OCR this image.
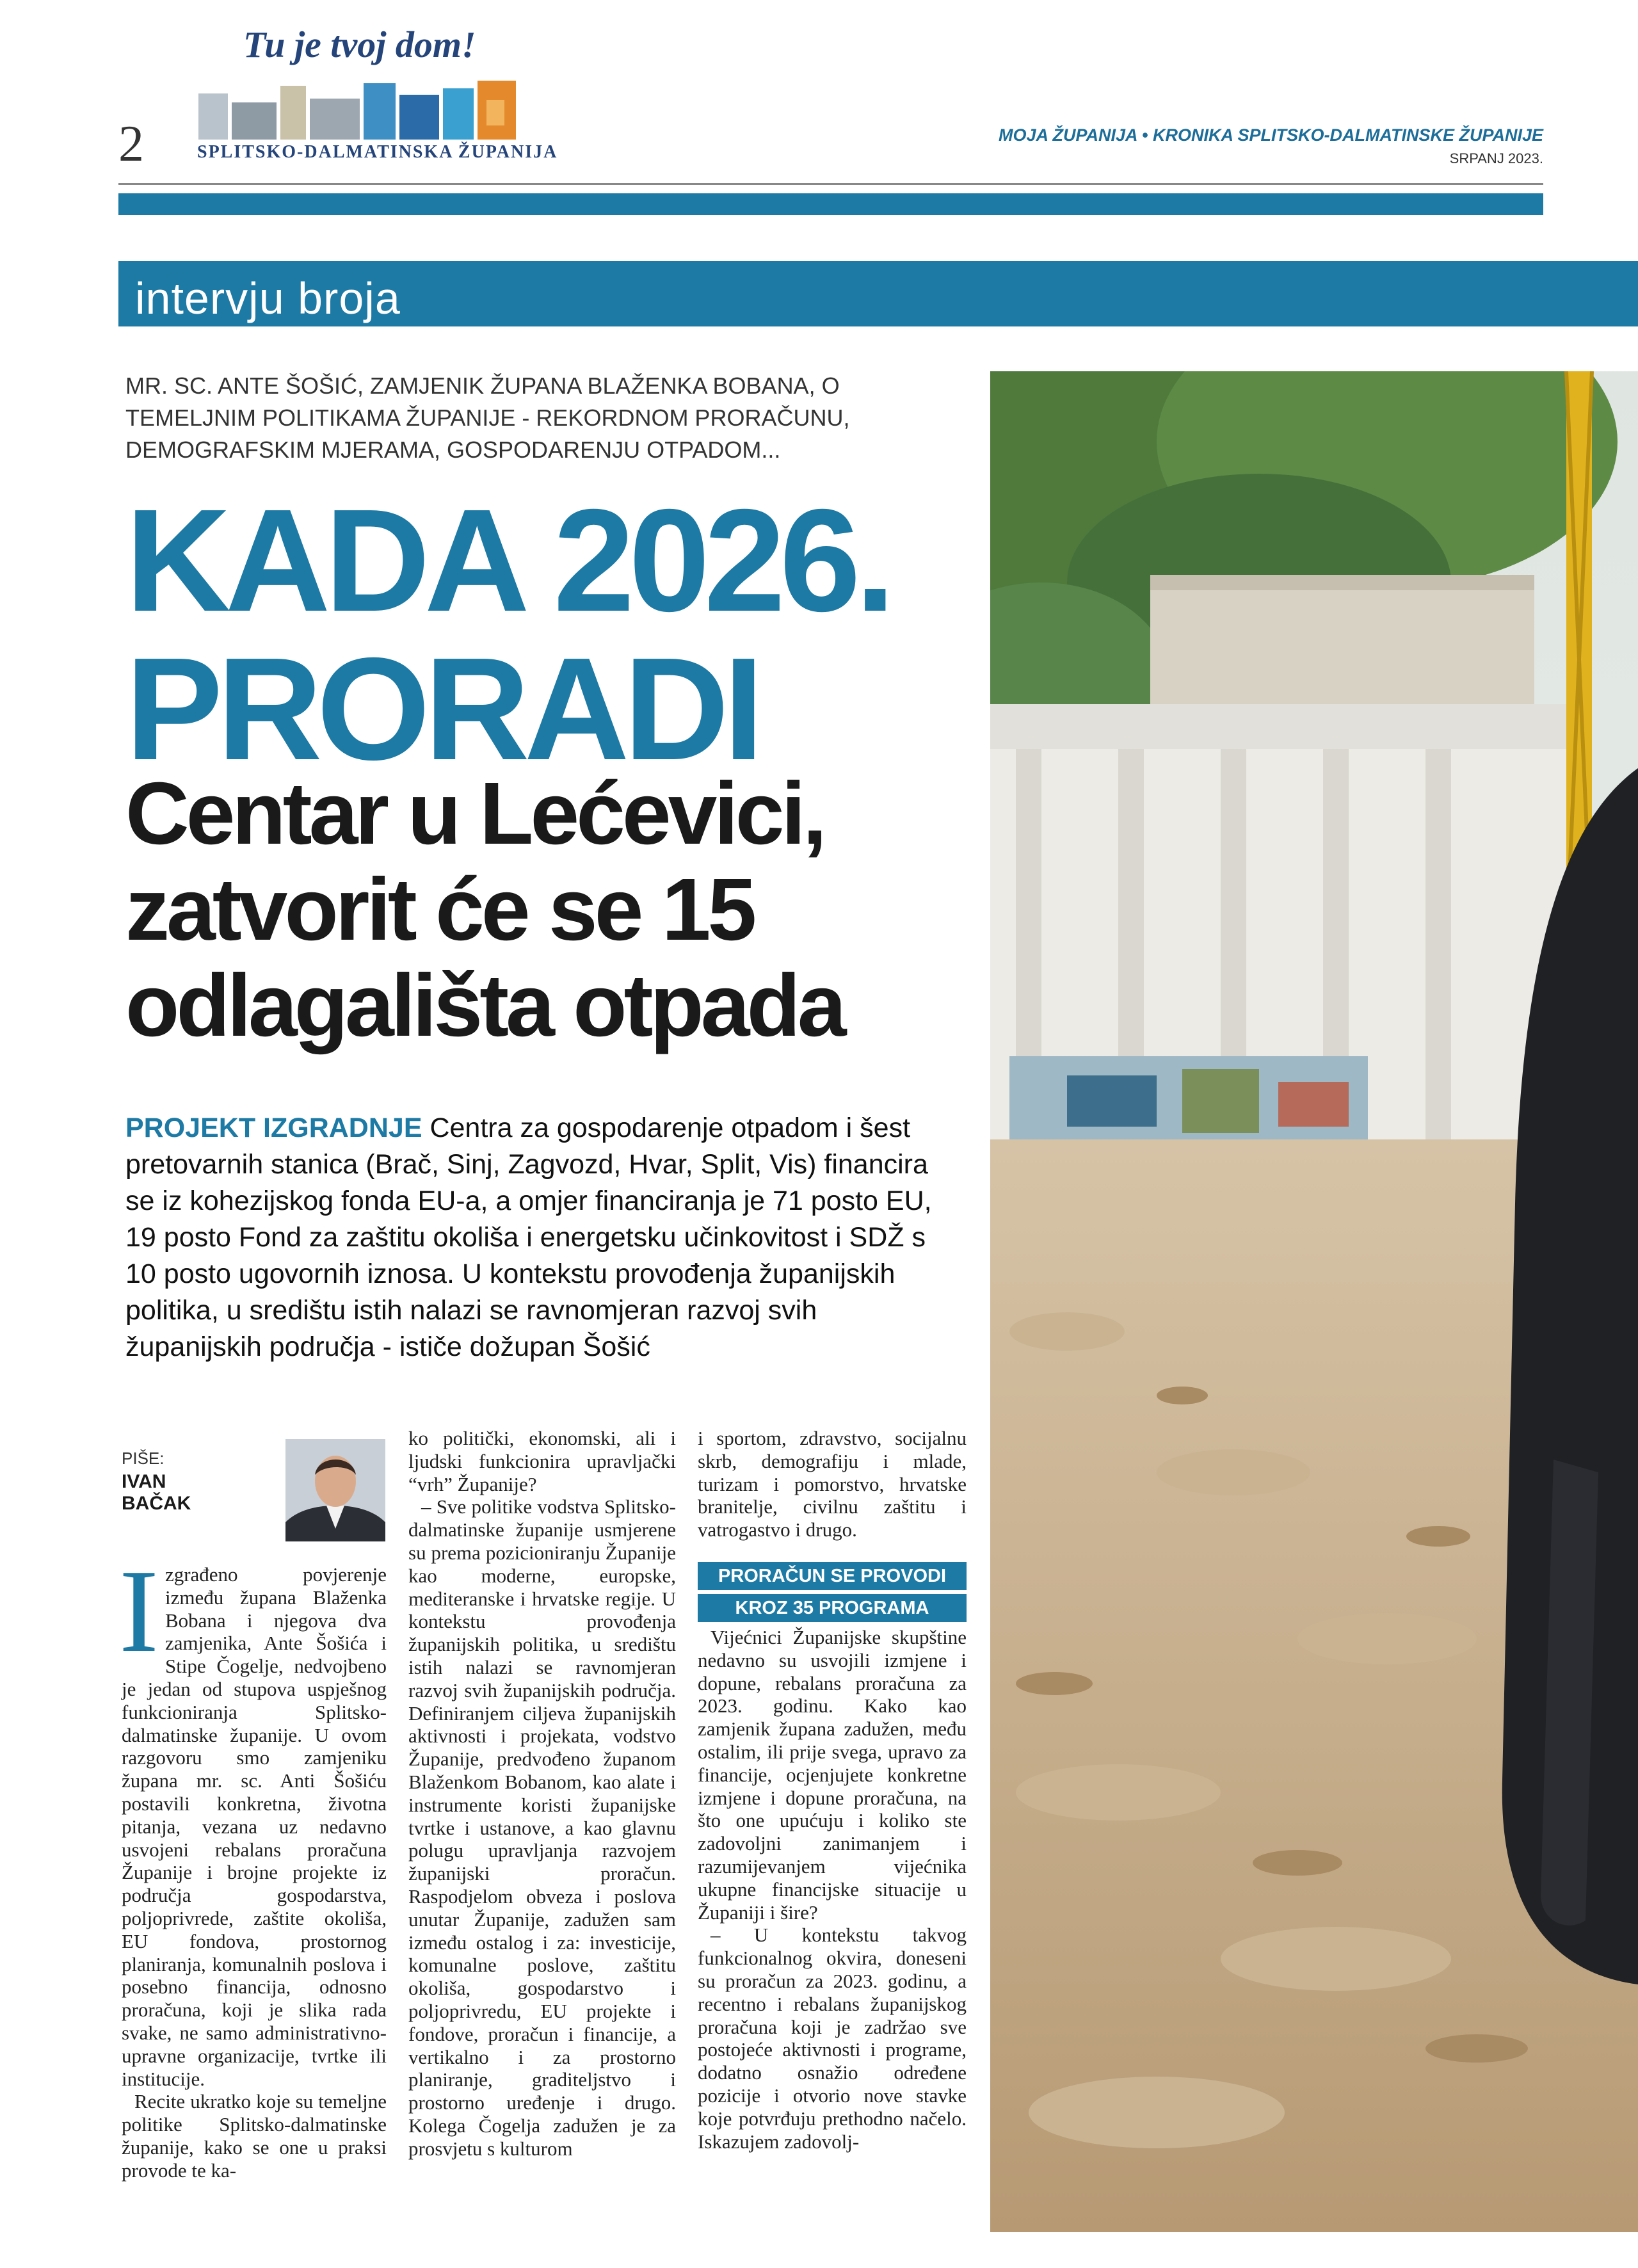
2
Tu je tvoj dom!
SPLITSKO-DALMATINSKA ŽUPANIJA
MOJA ŽUPANIJA • KRONIKA SPLITSKO-DALMATINSKE ŽUPANIJE
SRPANJ 2023.
intervju broja
MR. SC. ANTE ŠOŠIĆ, ZAMJENIK ŽUPANA BLAŽENKA BOBANA, O TEMELJNIM POLITIKAMA ŽUPANIJE - REKORDNOM PRORAČUNU, DEMOGRAFSKIM MJERAMA, GOSPODARENJU OTPADOM...
KADA 2026.
PRORADI
Centar u Lećevici,
zatvorit će se 15
odlagališta otpada
PROJEKT IZGRADNJE Centra za gospodarenje otpadom i šest pretovarnih stanica (Brač, Sinj, Zagvozd, Hvar, Split, Vis) financira se iz kohezijskog fonda EU-a, a omjer financiranja je 71 posto EU, 19 posto Fond za zaštitu okoliša i energetsku učinkovitost i SDŽ s 10 posto ugovornih iznosa. U kontekstu provođenja županijskih politika, u središtu istih nalazi se ravnomjeran razvoj svih županijskih područja - ističe dožupan Šošić
PIŠE:
IVAN
BAČAK

Izgrađeno povjerenje između župana Blaženka Bobana i njegova dva zamjenika, Ante Šošića i Stipe Čogelje, nedvojbeno je jedan od stupova uspješnog funkcioniranja Splitsko-dalmatinske županije. U ovom razgovoru smo zamjeniku župana mr. sc. Anti Šošiću postavili konkretna, životna pitanja, vezana uz nedavno usvojeni rebalans proračuna Županije i brojne projekte iz područja gospodarstva, poljoprivrede, zaštite okoliša, EU fondova, prostornog planiranja, komunalnih poslova i posebno financija, odnosno proračuna, koji je slika rada svake, ne samo administrativno-upravne organizacije, tvrtke ili institucije.

Recite ukratko koje su temeljne politike Splitsko-dalmatinske županije, kako se one u praksi provode te ka-

ko politički, ekonomski, ali i ljudski funkcionira upravljački “vrh” Županije?

– Sve politike vodstva Splitsko-dalmatinske županije usmjerene su prema pozicioniranju Županije kao moderne, europske, mediteranske i hrvatske regije. U kontekstu provođenja županijskih politika, u središtu istih nalazi se ravnomjeran razvoj svih županijskih područja. Definiranjem ciljeva županijskih aktivnosti i projekata, vodstvo Županije, predvođeno županom Blaženkom Bobanom, kao alate i instrumente koristi županijske tvrtke i ustanove, a kao glavnu polugu upravljanja razvojem županijski proračun. Raspodjelom obveza i poslova unutar Županije, zadužen sam između ostalog i za: investicije, komunalne poslove, zaštitu okoliša, gospodarstvo i poljoprivredu, EU projekte i fondove, proračun i financije, a vertikalno i za prostorno planiranje, graditeljstvo i prostorno uređenje i drugo. Kolega Čogelja zadužen je za prosvjetu s kulturom

i sportom, zdravstvo, socijalnu skrb, demografiju i mlade, turizam i pomorstvo, hrvatske branitelje, civilnu zaštitu i vatrogastvo i drugo.

PRORAČUN SE PROVODI
KROZ 35 PROGRAMA

Vijećnici Županijske skupštine nedavno su usvojili izmjene i dopune, rebalans proračuna za 2023. godinu. Kako kao zamjenik župana zadužen, među ostalim, ili prije svega, upravo za financije, ocjenjujete konkretne izmjene i dopune proračuna, na što one upućuju i koliko ste zadovoljni zanimanjem i razumijevanjem vijećnika ukupne financijske situacije u Županiji i šire?

– U kontekstu takvog funkcionalnog okvira, doneseni su proračun za 2023. godinu, a recentno i rebalans županijskog proračuna koji je zadržao sve postojeće aktivnosti i programe, dodatno osnažio određene pozicije i otvorio nove stavke koje potvrđuju prethodno načelo. Iskazujem zadovolj-
